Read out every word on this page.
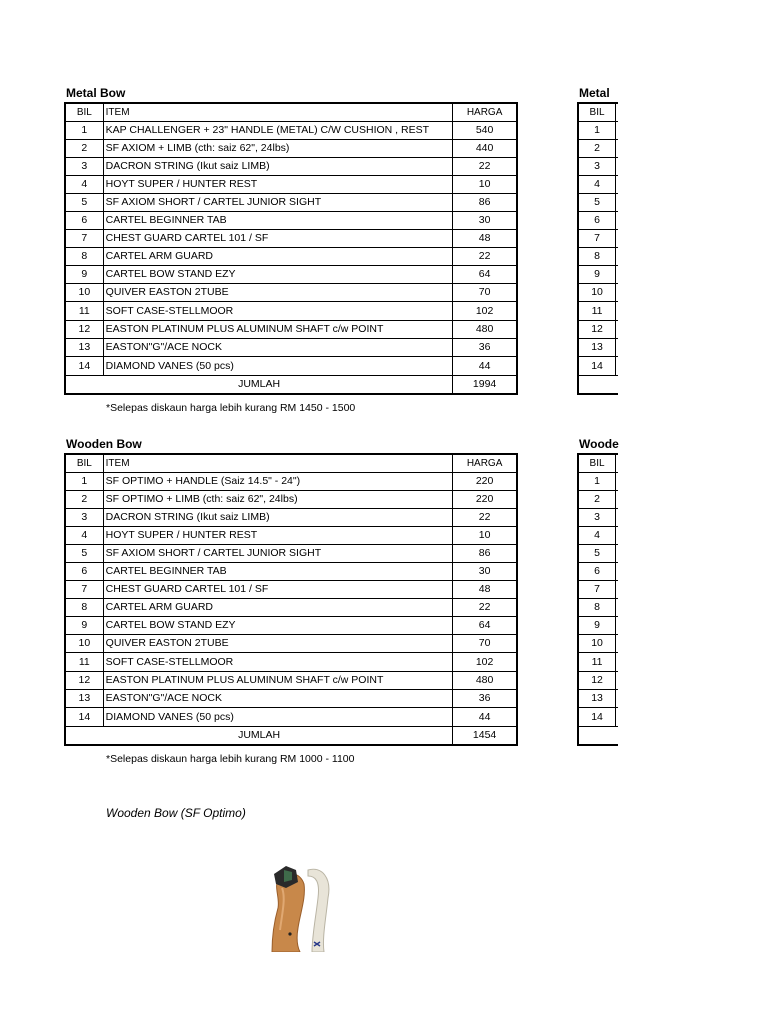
Metal Bow
BIL	ITEM	HARGA
1	KAP CHALLENGER + 23" HANDLE (METAL) C/W CUSHION , REST	540
2	SF AXIOM + LIMB (cth: saiz 62", 24lbs)	440
3	DACRON STRING (Ikut saiz LIMB)	22
4	HOYT SUPER / HUNTER REST	10
5	SF AXIOM SHORT / CARTEL JUNIOR SIGHT	86
6	CARTEL BEGINNER TAB	30
7	CHEST GUARD CARTEL 101 / SF	48
8	CARTEL ARM GUARD	22
9	CARTEL BOW STAND EZY	64
10	QUIVER EASTON 2TUBE	70
11	SOFT CASE-STELLMOOR	102
12	EASTON PLATINUM PLUS ALUMINUM SHAFT c/w POINT	480
13	EASTON"G"/ACE NOCK	36
14	DIAMOND VANES (50 pcs)	44
JUMLAH		1994
*Selepas diskaun harga lebih kurang RM 1450 - 1500
Metal
BIL	
1	
2	
3	
4	
5	
6	
7	
8	
9	
10	
11	
12	
13	
14	

Wooden Bow
BIL	ITEM	HARGA
1	SF OPTIMO + HANDLE (Saiz 14.5" - 24")	220
2	SF OPTIMO + LIMB (cth: saiz 62", 24lbs)	220
3	DACRON STRING (Ikut saiz LIMB)	22
4	HOYT SUPER / HUNTER REST	10
5	SF AXIOM SHORT / CARTEL JUNIOR SIGHT	86
6	CARTEL BEGINNER TAB	30
7	CHEST GUARD CARTEL 101 / SF	48
8	CARTEL ARM GUARD	22
9	CARTEL BOW STAND EZY	64
10	QUIVER EASTON 2TUBE	70
11	SOFT CASE-STELLMOOR	102
12	EASTON PLATINUM PLUS ALUMINUM SHAFT c/w POINT	480
13	EASTON"G"/ACE NOCK	36
14	DIAMOND VANES (50 pcs)	44
JUMLAH		1454
*Selepas diskaun harga lebih kurang RM 1000 - 1100
Woode
BIL	
1	
2	
3	
4	
5	
6	
7	
8	
9	
10	
11	
12	
13	
14	

Wooden Bow (SF Optimo)
